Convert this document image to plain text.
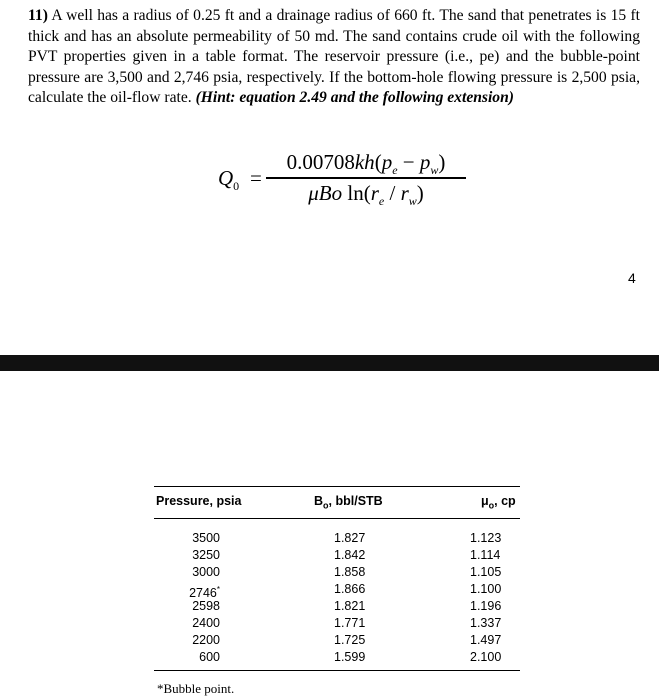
11) A well has a radius of 0.25 ft and a drainage radius of 660 ft. The sand that penetrates is 15 ft thick and has an absolute permeability of 50 md. The sand contains crude oil with the following PVT properties given in a table format. The reservoir pressure (i.e., pe) and the bubble-point pressure are 3,500 and 2,746 psia, respectively. If the bottom-hole flowing pressure is 2,500 psia, calculate the oil-flow rate. (Hint: equation 2.49 and the following extension)
$Q_0$ =
$0.00708kh(p_e - p_w)$
μBo $\ln(r_e / r_w)$
4
Pressure, psia	$B_o$, bbl/STB	$\mu_o$, cp
3500
3250
3000
2746*
2598
2400
2200
600
1.827
1.842
1.858
1.866
1.821
1.771
1.725
1.599
1.123
1.114
1.105
1.100
1.196
1.337
1.497
2.100
*Bubble point.
